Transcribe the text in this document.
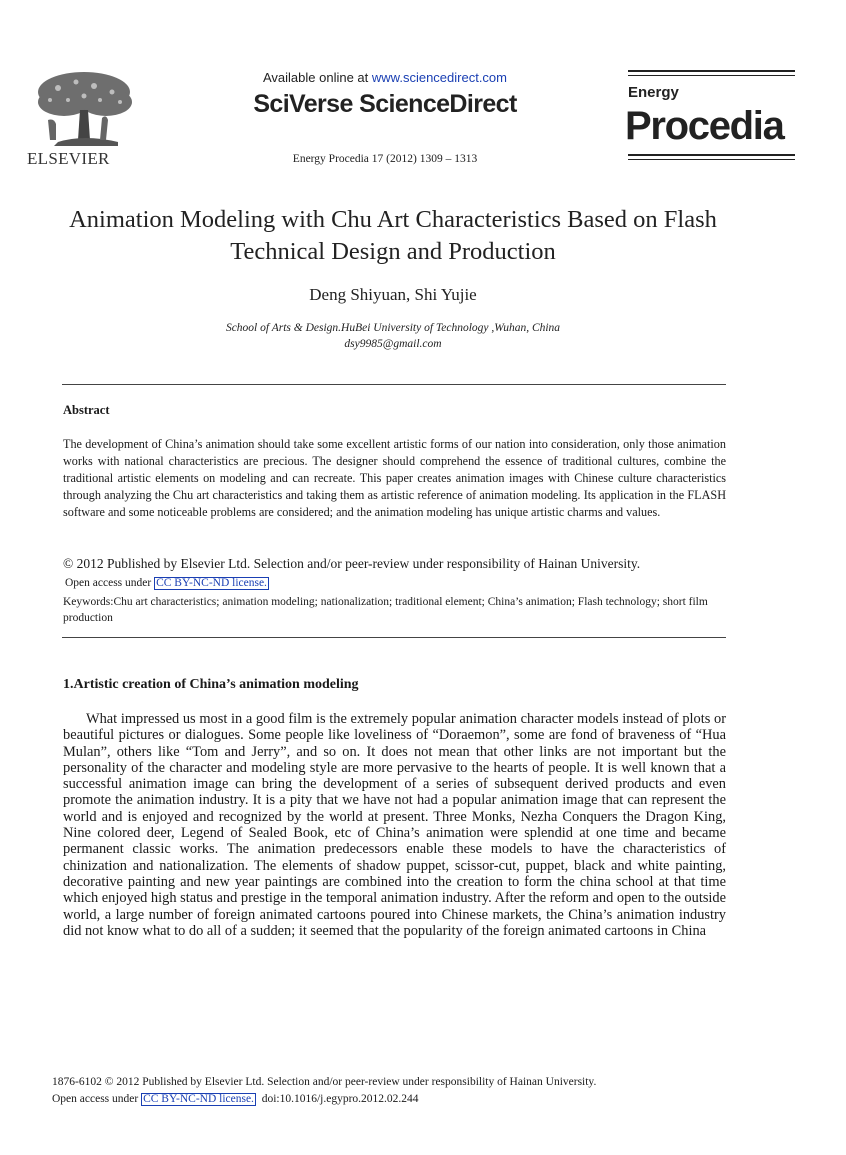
ELSEVIER
Available online at www.sciencedirect.com
SciVerse ScienceDirect
Energy Procedia 17 (2012) 1309 – 1313
Energy
Procedia
Animation Modeling with Chu Art Characteristics Based on Flash Technical Design and Production
Deng Shiyuan, Shi Yujie
School of Arts & Design.HuBei University of Technology ,Wuhan, China
dsy9985@gmail.com
Abstract
The development of China’s animation should take some excellent artistic forms of our nation into consideration, only those animation works with national characteristics are precious. The designer should comprehend the essence of traditional cultures, combine the traditional artistic elements on modeling and can recreate. This paper creates animation images with Chinese culture characteristics through analyzing the Chu art characteristics and taking them as artistic reference of animation modeling. Its application in the FLASH software and some noticeable problems are considered; and the animation modeling has unique artistic charms and values.
© 2012 Published by Elsevier Ltd. Selection and/or peer-review under responsibility of Hainan University.
Open access under CC BY-NC-ND license.
Keywords:Chu art characteristics; animation modeling; nationalization; traditional element; China’s animation; Flash technology; short film production
1.Artistic creation of China’s animation modeling
What impressed us most in a good film is the extremely popular animation character models instead of plots or beautiful pictures or dialogues. Some people like loveliness of “Doraemon”, some are fond of braveness of “Hua Mulan”, others like “Tom and Jerry”, and so on. It does not mean that other links are not important but the personality of the character and modeling style are more pervasive to the hearts of people. It is well known that a successful animation image can bring the development of a series of subsequent derived products and even promote the animation industry. It is a pity that we have not had a popular animation image that can represent the world and is enjoyed and recognized by the world at present. Three Monks, Nezha Conquers the Dragon King, Nine colored deer, Legend of Sealed Book, etc of China’s animation were splendid at one time and became permanent classic works. The animation predecessors enable these models to have the characteristics of chinization and nationalization. The elements of shadow puppet, scissor-cut, puppet, black and white painting, decorative painting and new year paintings are combined into the creation to form the china school at that time which enjoyed high status and prestige in the temporal animation industry. After the reform and open to the outside world, a large number of foreign animated cartoons poured into Chinese markets, the China’s animation industry did not know what to do all of a sudden; it seemed that the popularity of the foreign animated cartoons in China
1876-6102 © 2012 Published by Elsevier Ltd. Selection and/or peer-review under responsibility of Hainan University.
Open access under CC BY-NC-ND license. doi:10.1016/j.egypro.2012.02.244
